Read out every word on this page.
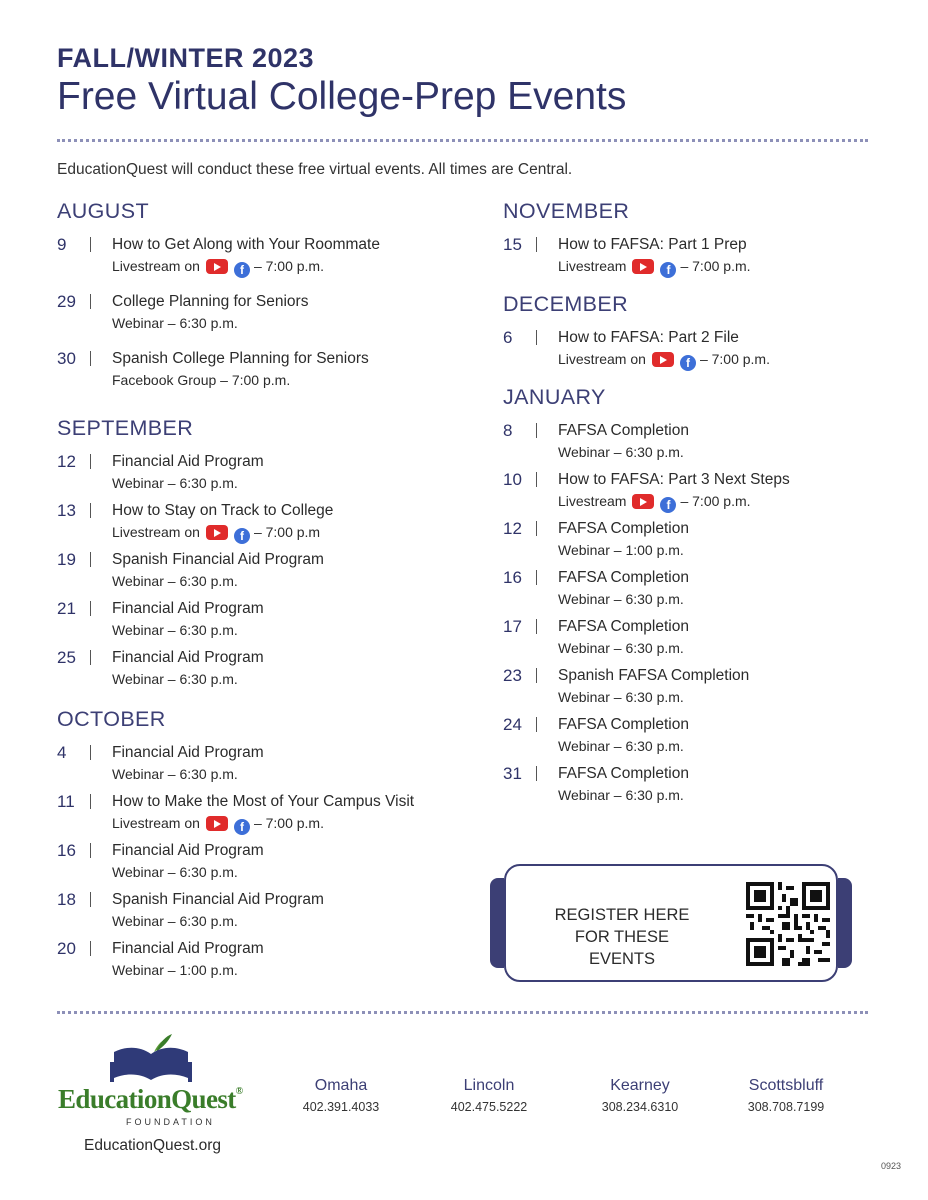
FALL/WINTER 2023
Free Virtual College-Prep Events
EducationQuest will conduct these free virtual events. All times are Central.
AUGUST
9	How to Get Along with Your Roommate
Livestream on	f – 7:00 p.m.
29	College Planning for Seniors
Webinar – 6:30 p.m.
30	Spanish College Planning for Seniors
Facebook Group – 7:00 p.m.
SEPTEMBER
12	Financial Aid Program
Webinar – 6:30 p.m.
13	How to Stay on Track to College
Livestream on	f – 7:00 p.m
19	Spanish Financial Aid Program
Webinar – 6:30 p.m.
21	Financial Aid Program
Webinar – 6:30 p.m.
25	Financial Aid Program
Webinar – 6:30 p.m.
OCTOBER
4	Financial Aid Program
Webinar – 6:30 p.m.
11	How to Make the Most of Your Campus Visit
Livestream on	f – 7:00 p.m.
16	Financial Aid Program
Webinar – 6:30 p.m.
18	Spanish Financial Aid Program
Webinar – 6:30 p.m.
20	Financial Aid Program
Webinar – 1:00 p.m.
NOVEMBER
15	How to FAFSA: Part 1 Prep
Livestream	f – 7:00 p.m.
DECEMBER
6	How to FAFSA: Part 2 File
Livestream on	f – 7:00 p.m.
JANUARY
8	FAFSA Completion
Webinar – 6:30 p.m.
10	How to FAFSA: Part 3 Next Steps
Livestream	f – 7:00 p.m.
12	FAFSA Completion
Webinar – 1:00 p.m.
16	FAFSA Completion
Webinar – 6:30 p.m.
17	FAFSA Completion
Webinar – 6:30 p.m.
23	Spanish FAFSA Completion
Webinar – 6:30 p.m.
24	FAFSA Completion
Webinar – 6:30 p.m.
31	FAFSA Completion
Webinar – 6:30 p.m.
REGISTER HERE
FOR THESE EVENTS
EducationQuest®
FOUNDATION
EducationQuest.org
Omaha
402.391.4033
Lincoln
402.475.5222
Kearney
308.234.6310
Scottsbluff
308.708.7199
0923
